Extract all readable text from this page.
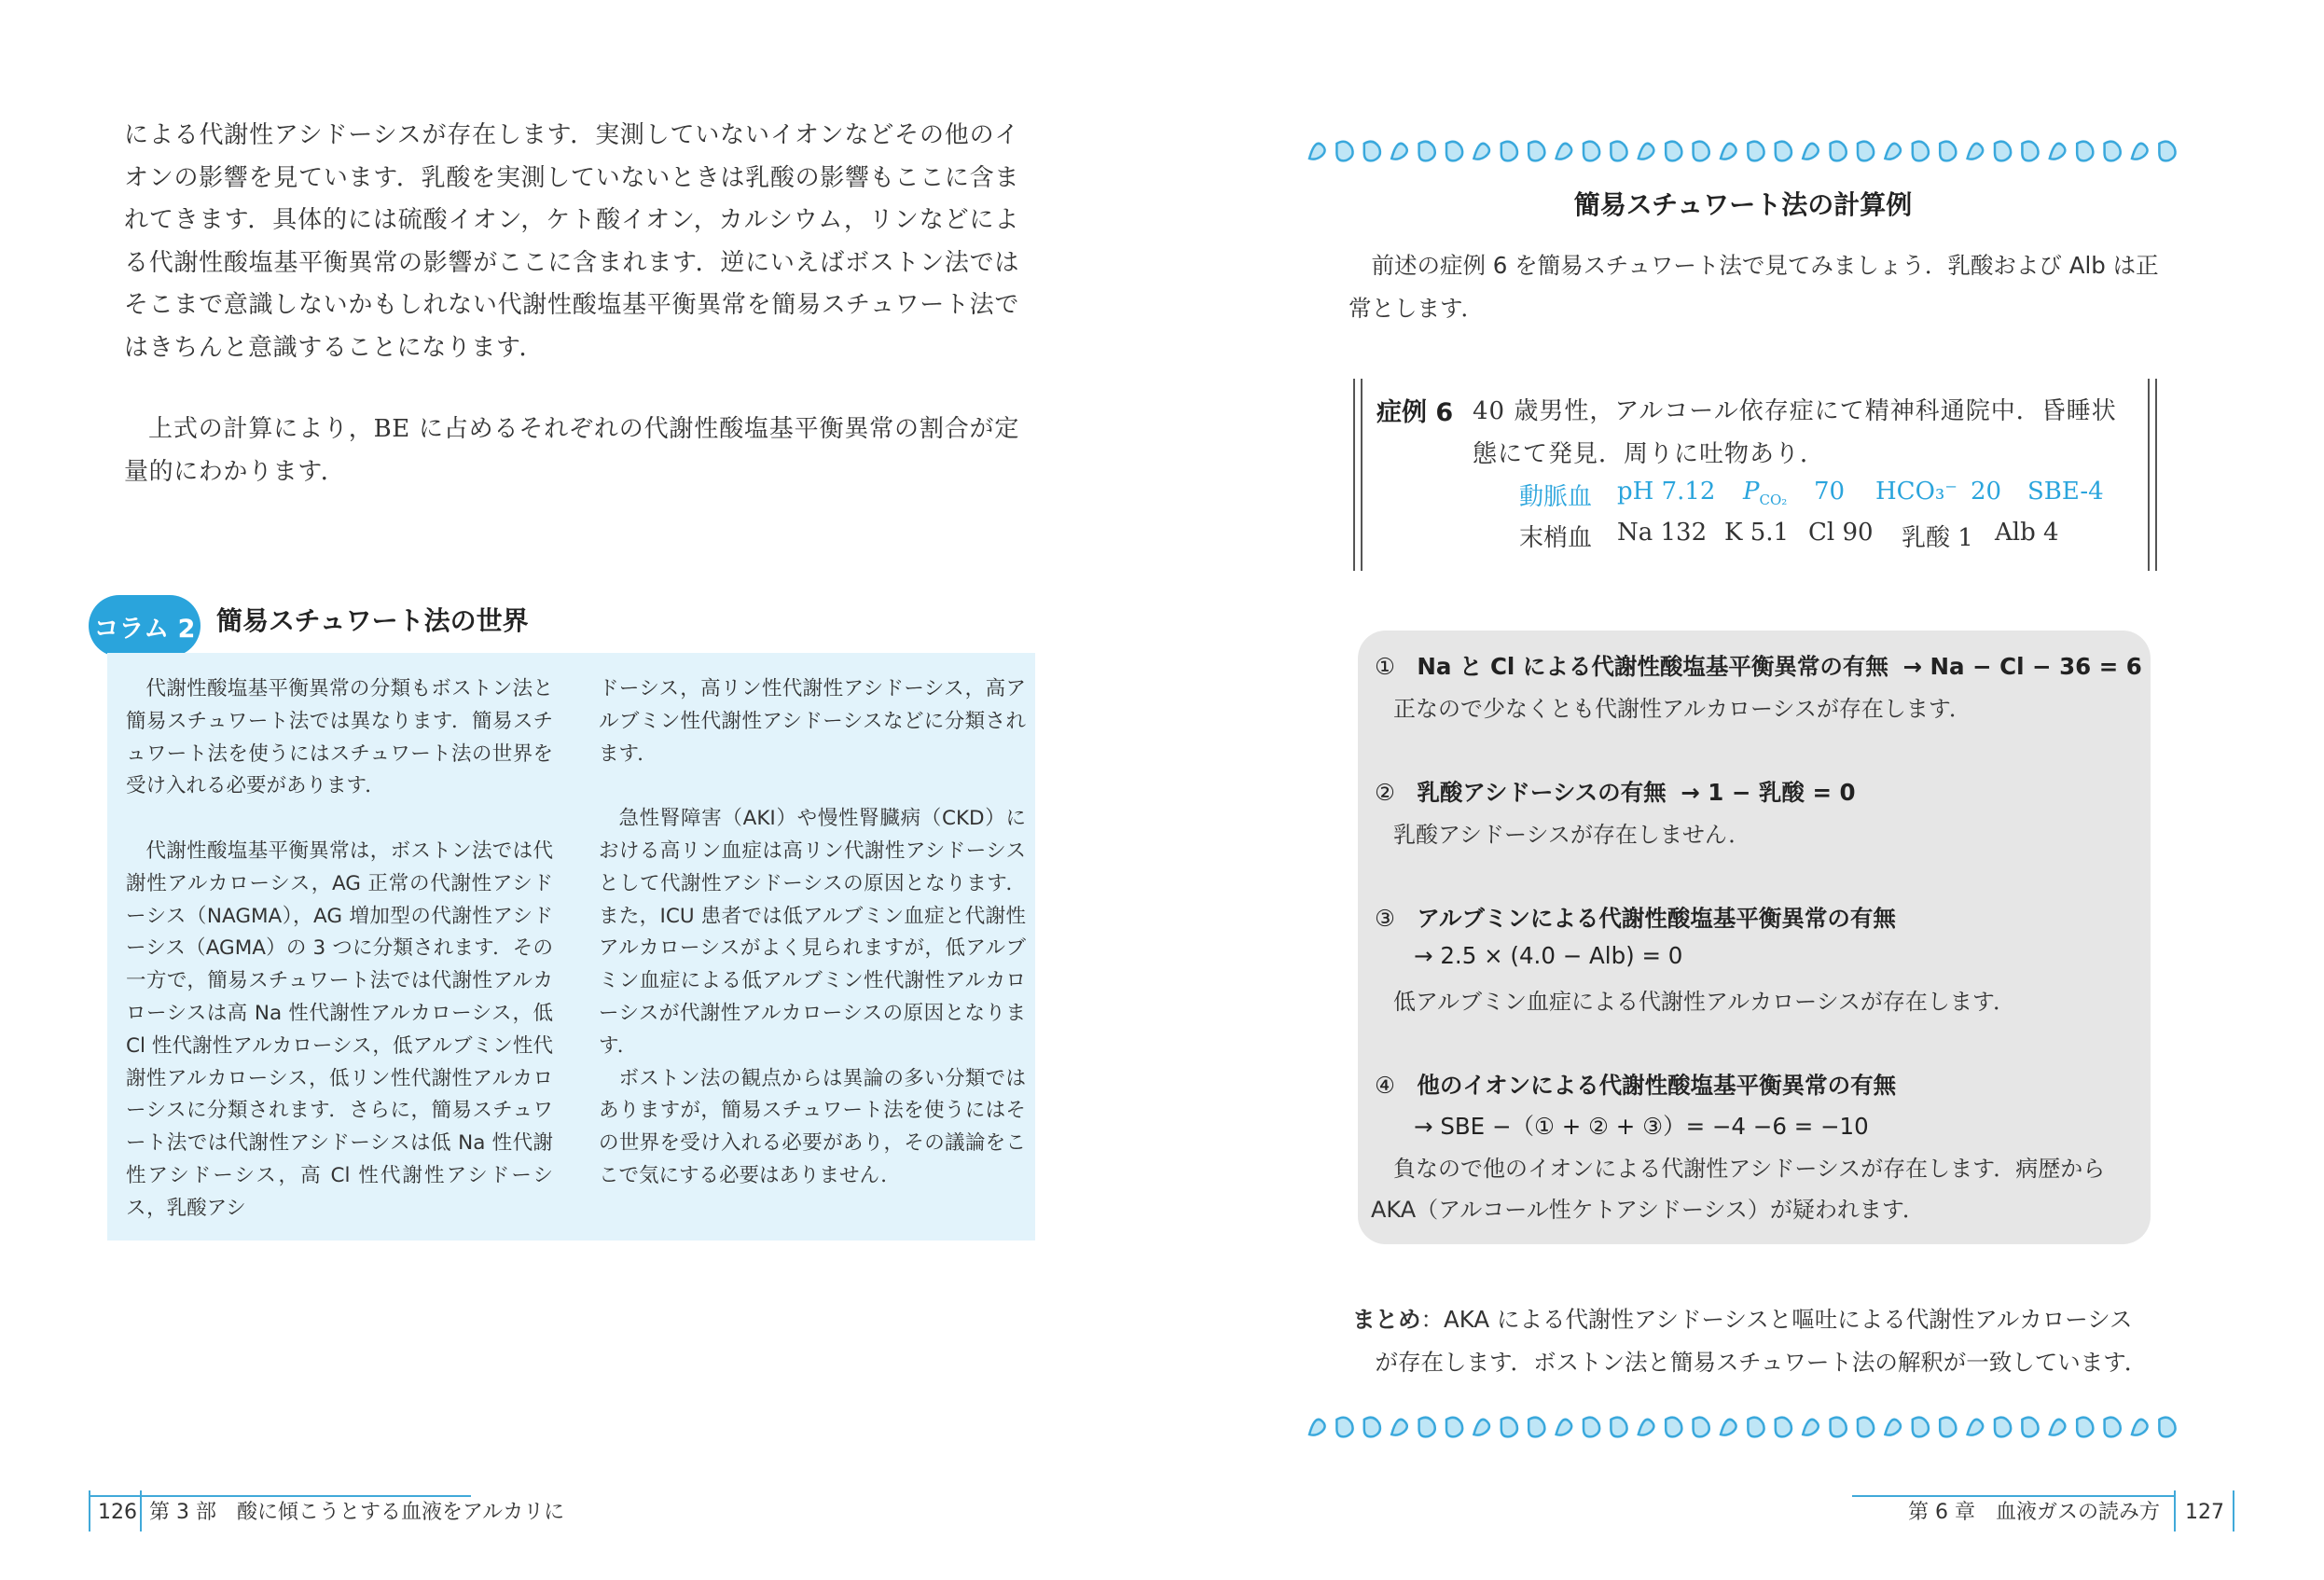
による代謝性アシドーシスが存在します．実測していないイオンなどその他のイオンの影響を見ています．乳酸を実測していないときは乳酸の影響もここに含まれてきます．具体的には硫酸イオン，ケト酸イオン，カルシウム，リンなどによる代謝性酸塩基平衡異常の影響がここに含まれます．逆にいえばボストン法ではそこまで意識しないかもしれない代謝性酸塩基平衡異常を簡易スチュワート法ではきちんと意識することになります．

上式の計算により，BE に占めるそれぞれの代謝性酸塩基平衡異常の割合が定量的にわかります．

コラム 2 簡易スチュワート法の世界

代謝性酸塩基平衡異常の分類もボストン法と簡易スチュワート法では異なります．簡易スチュワート法を使うにはスチュワート法の世界を受け入れる必要があります．

代謝性酸塩基平衡異常は，ボストン法では代謝性アルカローシス，AG 正常の代謝性アシドーシス（NAGMA），AG 増加型の代謝性アシドーシス（AGMA）の 3 つに分類されます．その一方で，簡易スチュワート法では代謝性アルカローシスは高 Na 性代謝性アルカローシス，低 Cl 性代謝性アルカローシス，低アルブミン性代謝性アルカローシス，低リン性代謝性アルカローシスに分類されます．さらに，簡易スチュワート法では代謝性アシドーシスは低 Na 性代謝性アシドーシス，高 Cl 性代謝性アシドーシス，乳酸アシ

ドーシス，高リン性代謝性アシドーシス，高アルブミン性代謝性アシドーシスなどに分類されます．

急性腎障害（AKI）や慢性腎臓病（CKD）における高リン血症は高リン代謝性アシドーシスとして代謝性アシドーシスの原因となります．また，ICU 患者では低アルブミン血症と代謝性アルカローシスがよく見られますが，低アルブミン血症による低アルブミン性代謝性アルカローシスが代謝性アルカローシスの原因となります．

ボストン法の観点からは異論の多い分類ではありますが，簡易スチュワート法を使うにはその世界を受け入れる必要があり，その議論をここで気にする必要はありません．

126 第 3 部　酸に傾こうとする血液をアルカリに
簡易スチュワート法の計算例
前述の症例 6 を簡易スチュワート法で見てみましょう．乳酸および Alb は正常とします．
症例 6 40 歳男性，アルコール依存症にて精神科通院中．昏睡状
態にて発見．周りに吐物あり．
動脈血 pH 7.12 $P_{CO_2}$ 70 HCO₃⁻ 20 SBE-4
末梢血 Na 132 K 5.1 Cl 90 乳酸 1 Alb 4
① Na と Cl による代謝性酸塩基平衡異常の有無 → Na − Cl − 36 = 6
正なので少なくとも代謝性アルカローシスが存在します．
② 乳酸アシドーシスの有無 → 1 − 乳酸 = 0
乳酸アシドーシスが存在しません．
③ アルブミンによる代謝性酸塩基平衡異常の有無
→ 2.5 × (4.0 − Alb) = 0
低アルブミン血症による代謝性アルカローシスが存在します．
④ 他のイオンによる代謝性酸塩基平衡異常の有無
→ SBE −（① + ② + ③）= −4 −6 = −10
負なので他のイオンによる代謝性アシドーシスが存在します．病歴から
AKA（アルコール性ケトアシドーシス）が疑われます．
まとめ：AKA による代謝性アシドーシスと嘔吐による代謝性アルカローシス
が存在します．ボストン法と簡易スチュワート法の解釈が一致しています．
第 6 章　血液ガスの読み方 127
